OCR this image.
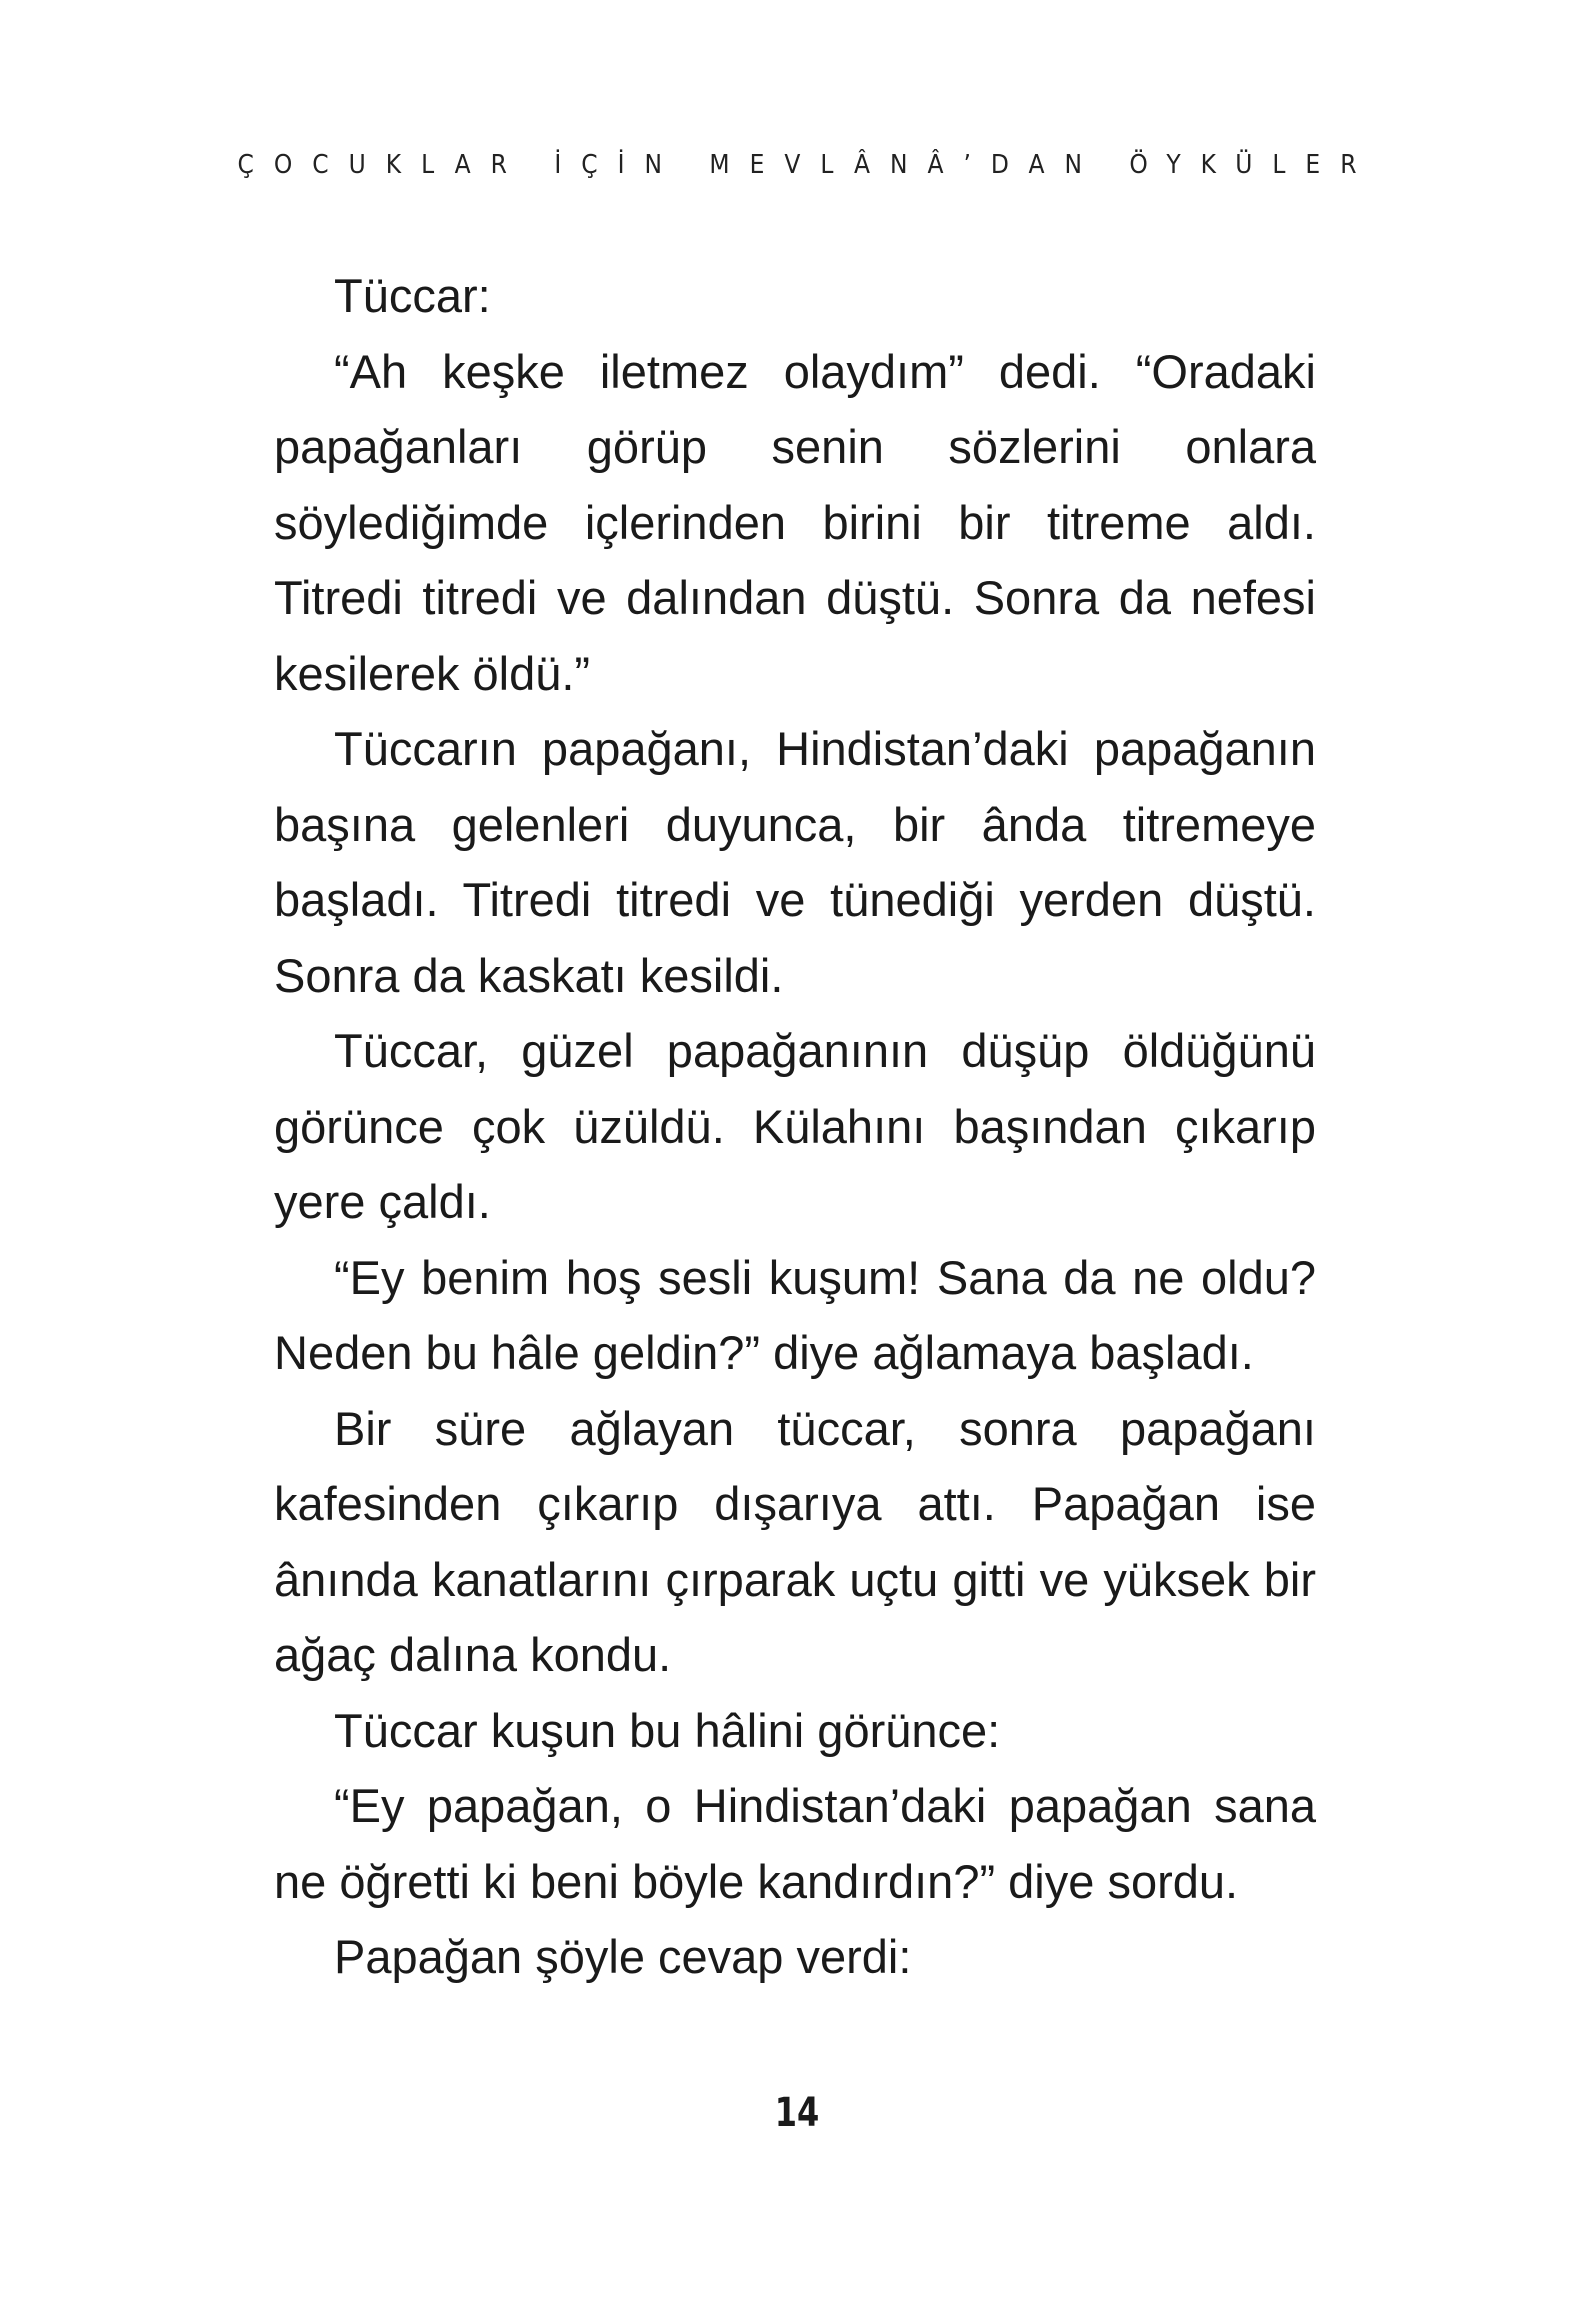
ÇOCUKLAR İÇİN MEVLÂNÂ’DAN ÖYKÜLER

Tüccar:

“Ah keşke iletmez olaydım” dedi. “Oradaki papağanları görüp senin sözlerini onlara söylediğimde içlerinden birini bir titreme aldı. Titredi titredi ve dalından düştü. Sonra da nefesi kesilerek öldü.”

Tüccarın papağanı, Hindistan’daki papağanın başına gelenleri duyunca, bir ânda titremeye başladı. Titredi titredi ve tünediği yerden düştü. Sonra da kaskatı kesildi.

Tüccar, güzel papağanının düşüp öldüğünü görünce çok üzüldü. Külahını başından çıkarıp yere çaldı.

“Ey benim hoş sesli kuşum! Sana da ne oldu? Neden bu hâle geldin?” diye ağlamaya başladı.

Bir süre ağlayan tüccar, sonra papağanı kafesinden çıkarıp dışarıya attı. Papağan ise ânında kanatlarını çırparak uçtu gitti ve yüksek bir ağaç dalına kondu.

Tüccar kuşun bu hâlini görünce:

“Ey papağan, o Hindistan’daki papağan sana ne öğretti ki beni böyle kandırdın?” diye sordu.

Papağan şöyle cevap verdi:

14
